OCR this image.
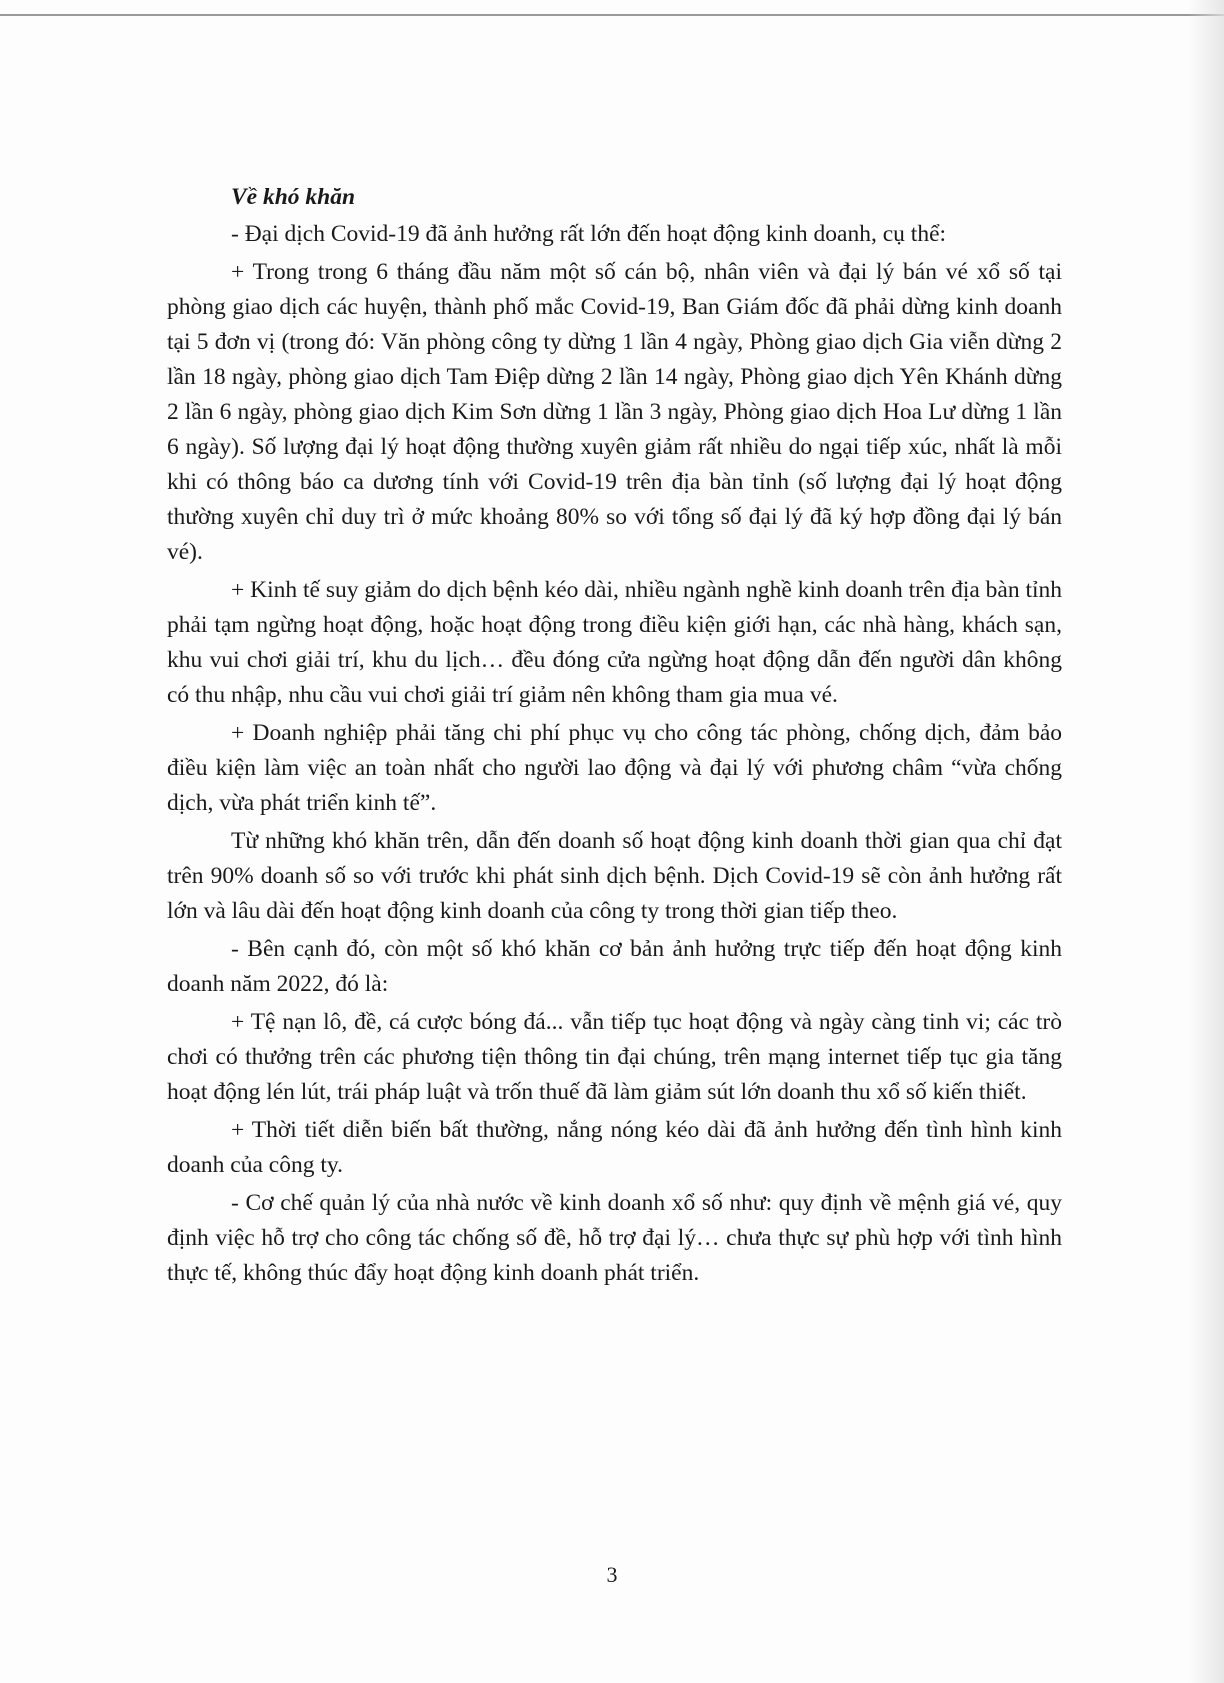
Về khó khăn

- Đại dịch Covid-19 đã ảnh hưởng rất lớn đến hoạt động kinh doanh, cụ thể:

+ Trong trong 6 tháng đầu năm một số cán bộ, nhân viên và đại lý bán vé xổ số tại phòng giao dịch các huyện, thành phố mắc Covid-19, Ban Giám đốc đã phải dừng kinh doanh tại 5 đơn vị (trong đó: Văn phòng công ty dừng 1 lần 4 ngày, Phòng giao dịch Gia viễn dừng 2 lần 18 ngày, phòng giao dịch Tam Điệp dừng 2 lần 14 ngày, Phòng giao dịch Yên Khánh dừng 2 lần 6 ngày, phòng giao dịch Kim Sơn dừng 1 lần 3 ngày, Phòng giao dịch Hoa Lư dừng 1 lần 6 ngày). Số lượng đại lý hoạt động thường xuyên giảm rất nhiều do ngại tiếp xúc, nhất là mỗi khi có thông báo ca dương tính với Covid-19 trên địa bàn tỉnh (số lượng đại lý hoạt động thường xuyên chỉ duy trì ở mức khoảng 80% so với tổng số đại lý đã ký hợp đồng đại lý bán vé).

+ Kinh tế suy giảm do dịch bệnh kéo dài, nhiều ngành nghề kinh doanh trên địa bàn tỉnh phải tạm ngừng hoạt động, hoặc hoạt động trong điều kiện giới hạn, các nhà hàng, khách sạn, khu vui chơi giải trí, khu du lịch… đều đóng cửa ngừng hoạt động dẫn đến người dân không có thu nhập, nhu cầu vui chơi giải trí giảm nên không tham gia mua vé.

+ Doanh nghiệp phải tăng chi phí phục vụ cho công tác phòng, chống dịch, đảm bảo điều kiện làm việc an toàn nhất cho người lao động và đại lý với phương châm “vừa chống dịch, vừa phát triển kinh tế”.

Từ những khó khăn trên, dẫn đến doanh số hoạt động kinh doanh thời gian qua chỉ đạt trên 90% doanh số so với trước khi phát sinh dịch bệnh. Dịch Covid-19 sẽ còn ảnh hưởng rất lớn và lâu dài đến hoạt động kinh doanh của công ty trong thời gian tiếp theo.

- Bên cạnh đó, còn một số khó khăn cơ bản ảnh hưởng trực tiếp đến hoạt động kinh doanh năm 2022, đó là:

+ Tệ nạn lô, đề, cá cược bóng đá... vẫn tiếp tục hoạt động và ngày càng tinh vi; các trò chơi có thưởng trên các phương tiện thông tin đại chúng, trên mạng internet tiếp tục gia tăng hoạt động lén lút, trái pháp luật và trốn thuế đã làm giảm sút lớn doanh thu xổ số kiến thiết.

+ Thời tiết diễn biến bất thường, nắng nóng kéo dài đã ảnh hưởng đến tình hình kinh doanh của công ty.

- Cơ chế quản lý của nhà nước về kinh doanh xổ số như: quy định về mệnh giá vé, quy định việc hỗ trợ cho công tác chống số đề, hỗ trợ đại lý… chưa thực sự phù hợp với tình hình thực tế, không thúc đẩy hoạt động kinh doanh phát triển.

3
